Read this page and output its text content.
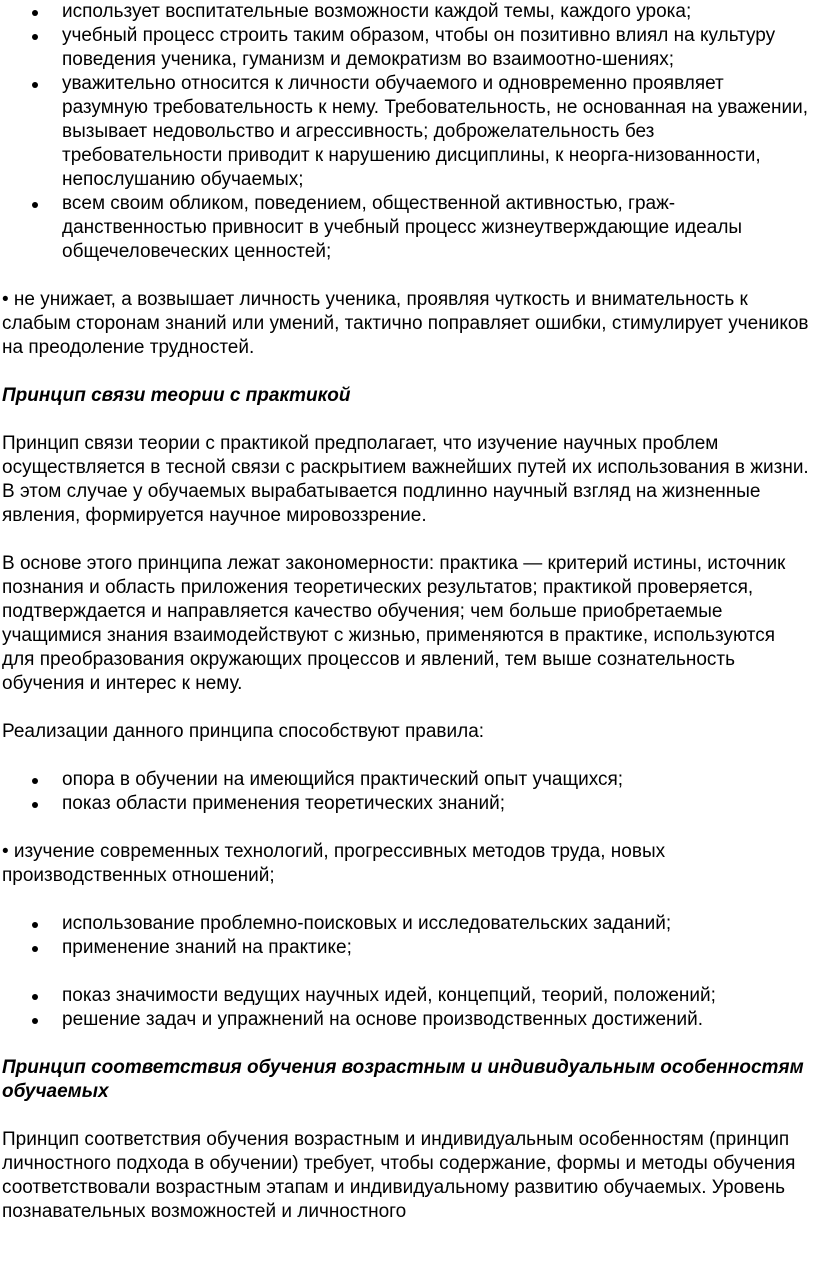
использует воспитательные возможности каждой темы, каждого урока;
учебный процесс строить таким образом, чтобы он позитивно влиял на культуру поведения ученика, гуманизм и демократизм во взаимоотно-шениях;
уважительно относится к личности обучаемого и одновременно проявляет разумную требовательность к нему. Требовательность, не основанная на уважении, вызывает недовольство и агрессивность; доброжелательность без требовательности приводит к нарушению дисциплины, к неорга-низованности, непослушанию обучаемых;
всем своим обликом, поведением, общественной активностью, граж-данственностью привносит в учебный процесс жизнеутверждающие идеалы общечеловеческих ценностей;

• не унижает, а возвышает личность ученика, проявляя чуткость и внимательность к слабым сторонам знаний или умений, тактично поправляет ошибки, стимулирует учеников на преодоление трудностей.

Принцип связи теории с практикой

Принцип связи теории с практикой предполагает, что изучение научных проблем осуществляется в тесной связи с раскрытием важнейших путей их использования в жизни. В этом случае у обучаемых вырабатывается подлинно научный взгляд на жизненные явления, формируется научное мировоззрение.

В основе этого принципа лежат закономерности: практика — критерий истины, источник познания и область приложения теоретических результатов; практикой проверяется, подтверждается и направляется качество обучения; чем больше приобретаемые учащимися знания взаимодействуют с жизнью, применяются в практике, используются для преобразования окружающих процессов и явлений, тем выше сознательность обучения и интерес к нему.

Реализации данного принципа способствуют правила:

опора в обучении на имеющийся практический опыт учащихся;
показ области применения теоретических знаний;

• изучение современных технологий, прогрессивных методов труда, новых производственных отношений;

использование проблемно-поисковых и исследовательских заданий;
применение знаний на практике;
показ значимости ведущих научных идей, концепций, теорий, положений;
решение задач и упражнений на основе производственных достижений.

Принцип соответствия обучения возрастным и индивидуальным особенностям обучаемых

Принцип соответствия обучения возрастным и индивидуальным особенностям (принцип личностного подхода в обучении) требует, чтобы содержание, формы и методы обучения соответствовали возрастным этапам и индивидуальному развитию обучаемых. Уровень познавательных возможностей и личностного
